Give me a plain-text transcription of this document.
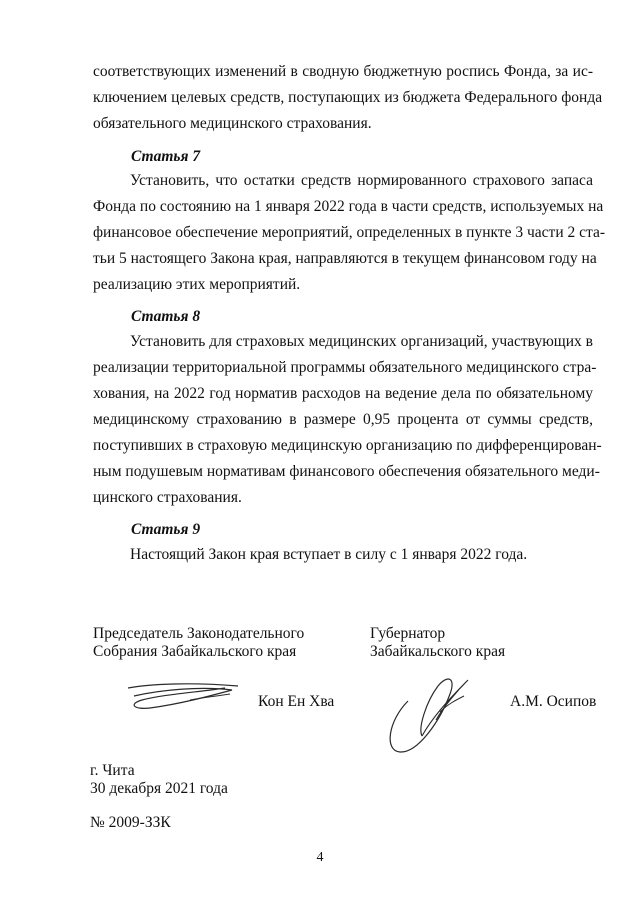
соответствующих изменений в сводную бюджетную роспись Фонда, за ис-
ключением целевых средств, поступающих из бюджета Федерального фонда
обязательного медицинского страхования.
Статья 7
Установить, что остатки средств нормированного страхового запаса
Фонда по состоянию на 1 января 2022 года в части средств, используемых на
финансовое обеспечение мероприятий, определенных в пункте 3 части 2 ста-
тьи 5 настоящего Закона края, направляются в текущем финансовом году на
реализацию этих мероприятий.
Статья 8
Установить для страховых медицинских организаций, участвующих в
реализации территориальной программы обязательного медицинского стра-
хования, на 2022 год норматив расходов на ведение дела по обязательному
медицинскому страхованию в размере 0,95 процента от суммы средств,
поступивших в страховую медицинскую организацию по дифференцирован-
ным подушевым нормативам финансового обеспечения обязательного меди-
цинского страхования.
Статья 9
Настоящий Закон края вступает в силу с 1 января 2022 года.
Председатель Законодательного
Собрания Забайкальского края
Кон Ен Хва
Губернатор
Забайкальского края
А.М. Осипов
г. Чита
30 декабря 2021 года
№ 2009-ЗЗК
4
